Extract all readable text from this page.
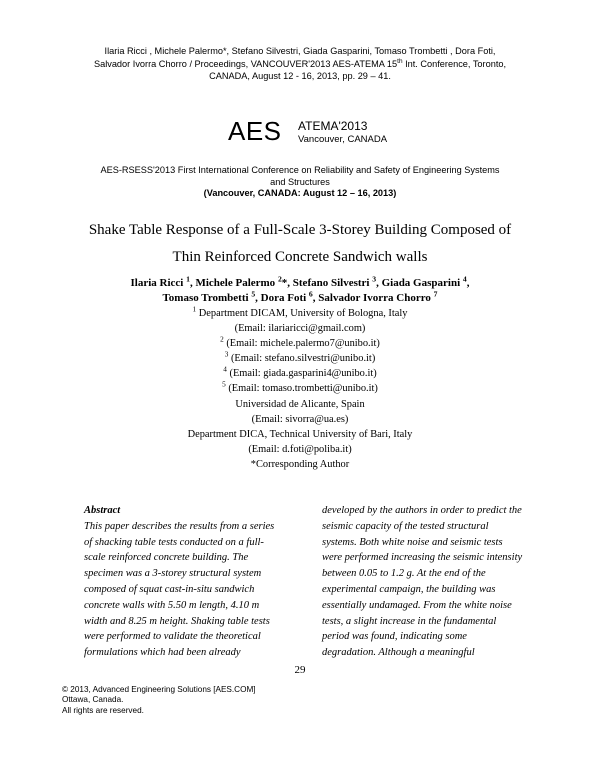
Ilaria Ricci , Michele Palermo*, Stefano Silvestri, Giada Gasparini, Tomaso Trombetti , Dora Foti,
Salvador Ivorra Chorro / Proceedings, VANCOUVER'2013 AES-ATEMA 15th Int. Conference, Toronto,
CANADA, August 12 - 16, 2013, pp. 29 – 41.
AES ATEMA'2013
Vancouver, CANADA
AES-RSESS'2013 First International Conference on Reliability and Safety of Engineering Systems
and Structures
(Vancouver, CANADA: August 12 – 16, 2013)
Shake Table Response of a Full-Scale 3-Storey Building Composed of
Thin Reinforced Concrete Sandwich walls
Ilaria Ricci $^1$, Michele Palermo $^2$*, Stefano Silvestri $^3$, Giada Gasparini $^4$,
Tomaso Trombetti $^5$, Dora Foti $^6$, Salvador Ivorra Chorro $^7$
$^1$ Department DICAM, University of Bologna, Italy
(Email: ilariaricci@gmail.com)
$^2$ (Email: michele.palermo7@unibo.it)
$^3$ (Email: stefano.silvestri@unibo.it)
$^4$ (Email: giada.gasparini4@unibo.it)
$^5$ (Email: tomaso.trombetti@unibo.it)
Universidad de Alicante, Spain
(Email: sivorra@ua.es)
Department DICA, Technical University of Bari, Italy
(Email: d.foti@poliba.it)
*Corresponding Author
Abstract
This paper describes the results from a series
of shacking table tests conducted on a full-
scale reinforced concrete building. The
specimen was a 3-storey structural system
composed of squat cast-in-situ sandwich
concrete walls with 5.50 m length, 4.10 m
width and 8.25 m height. Shaking table tests
were performed to validate the theoretical
formulations which had been already
developed by the authors in order to predict the
seismic capacity of the tested structural
systems. Both white noise and seismic tests
were performed increasing the seismic intensity
between 0.05 to 1.2 g. At the end of the
experimental campaign, the building was
essentially undamaged. From the white noise
tests, a slight increase in the fundamental
period was found, indicating some
degradation. Although a meaningful
29
© 2013, Advanced Engineering Solutions [AES.COM]
Ottawa, Canada.
All rights are reserved.
